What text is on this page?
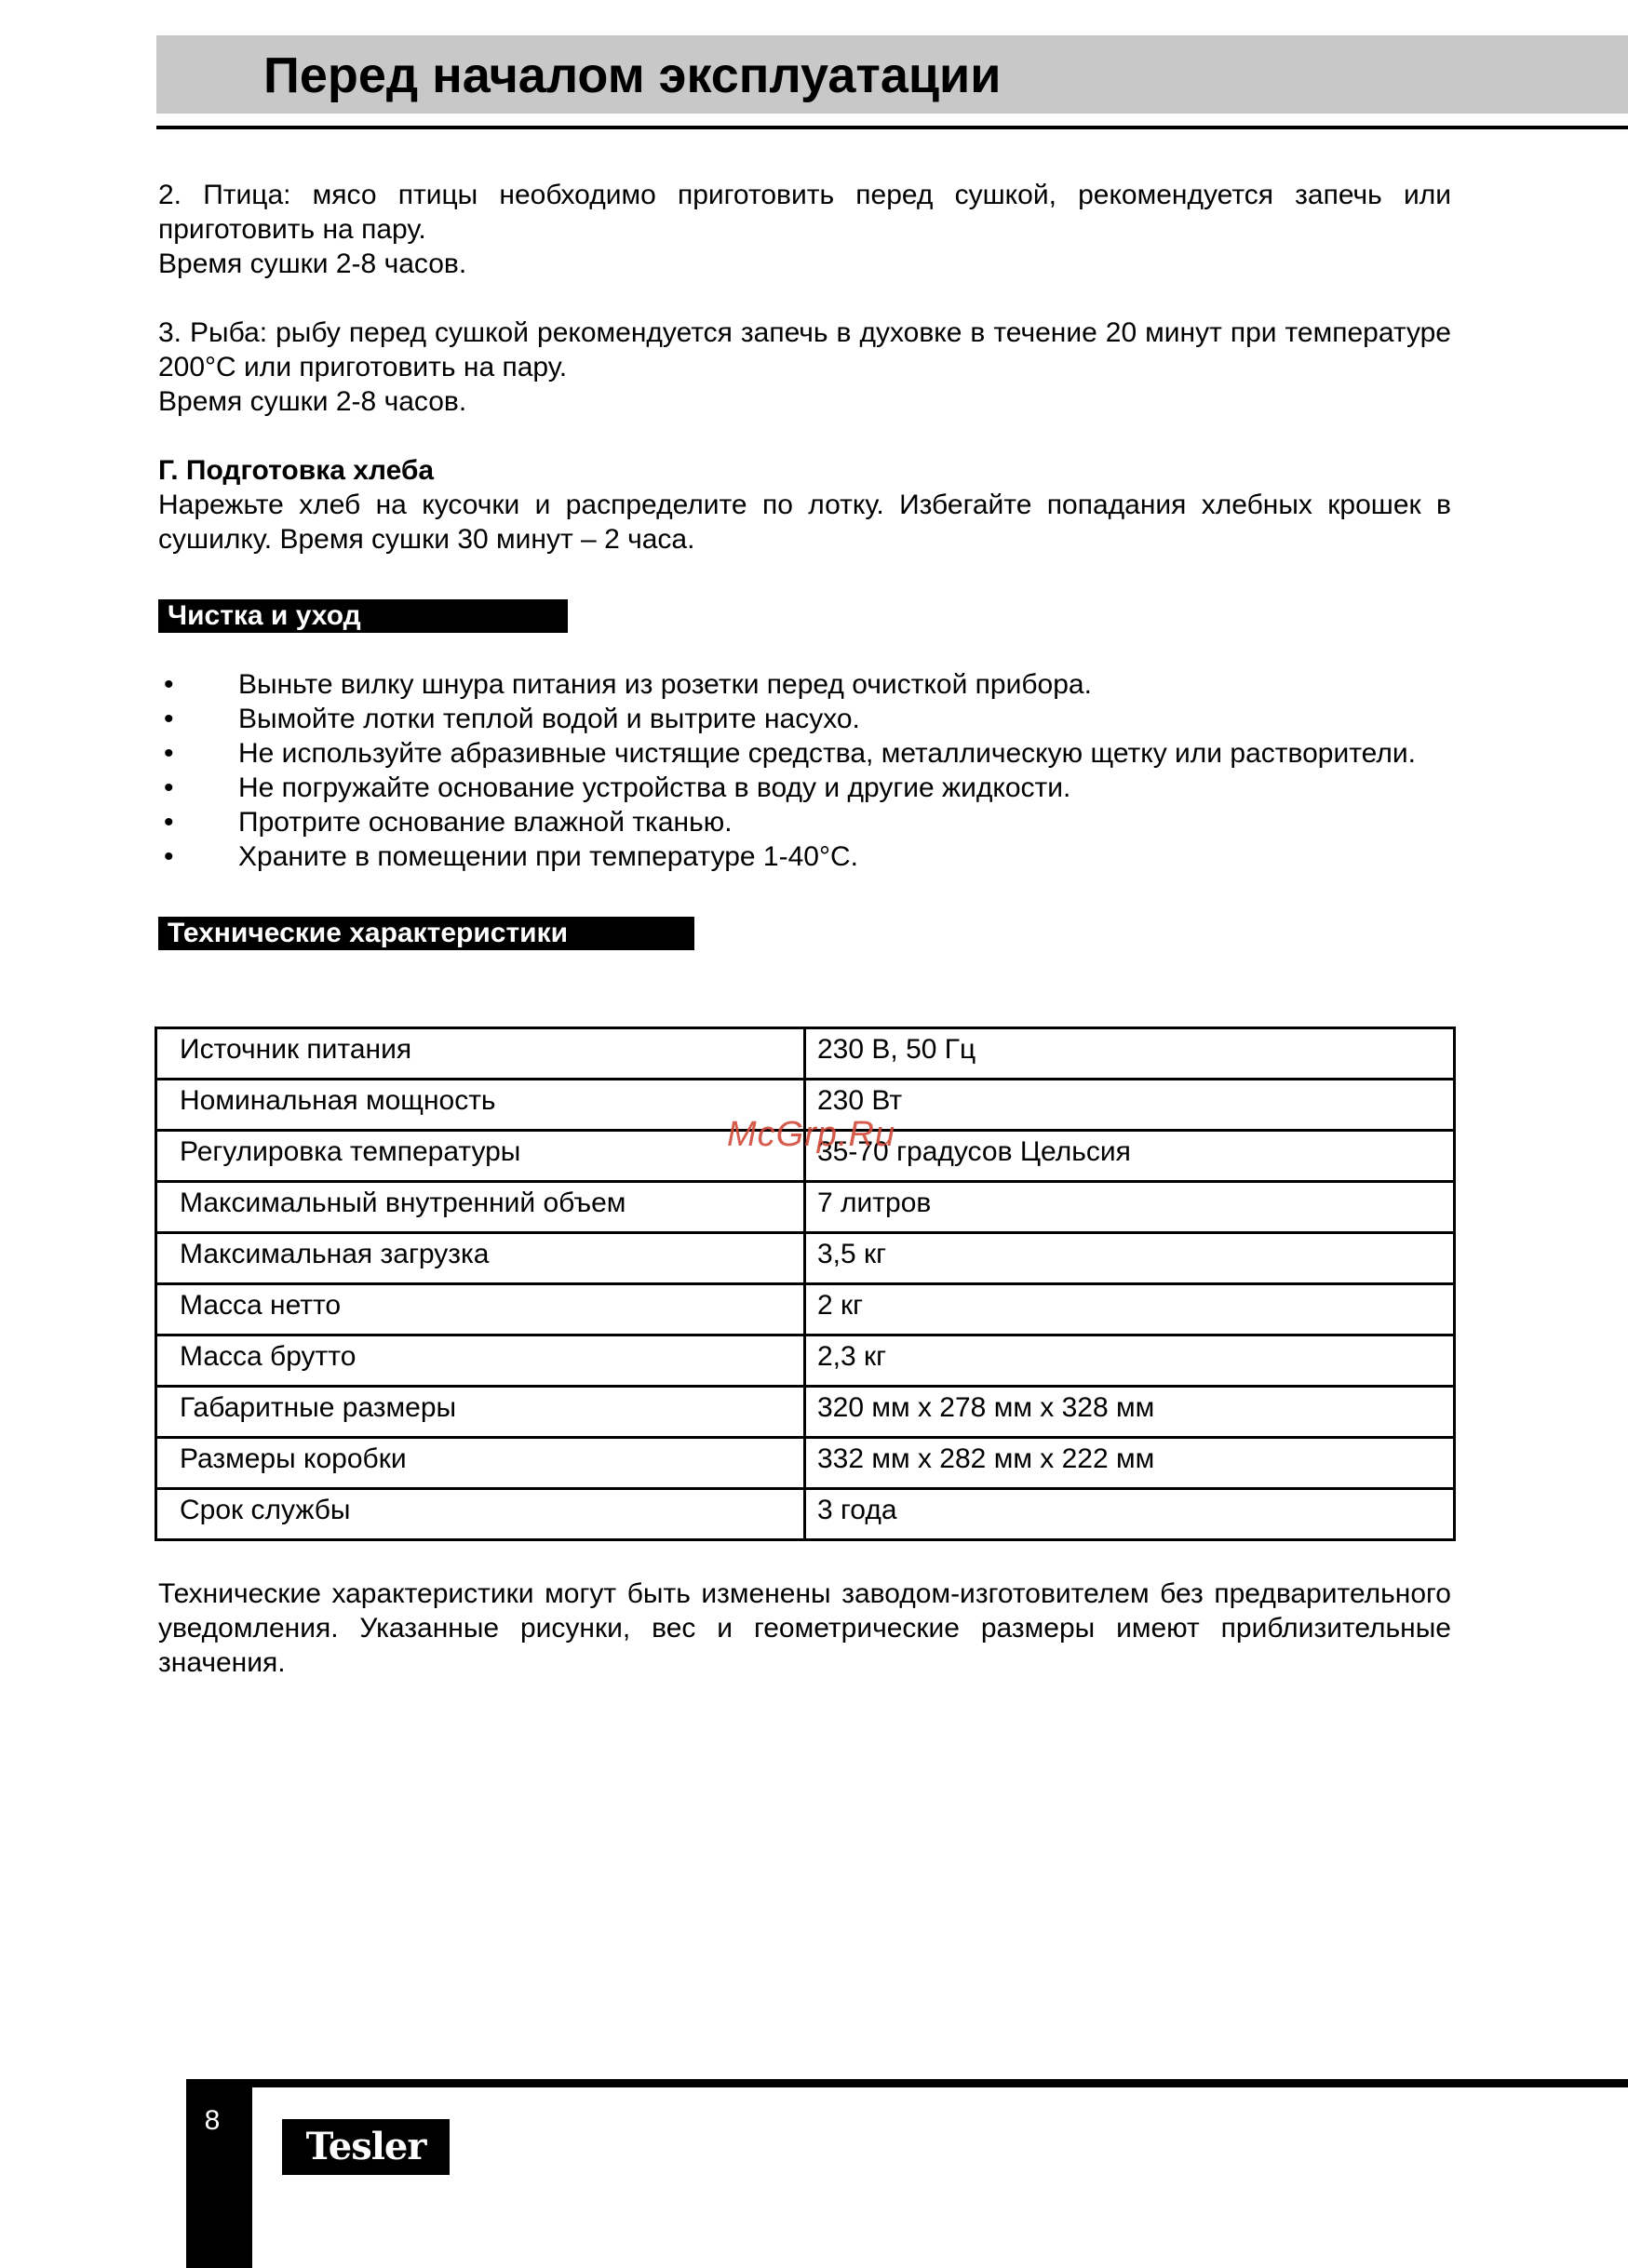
Перед началом эксплуатации

2. Птица: мясо птицы необходимо приготовить перед сушкой, рекомендуется запечь или приготовить на пару.

Время сушки 2-8 часов.

3. Рыба: рыбу перед сушкой рекомендуется запечь в духовке в течение 20 минут при температуре 200°С или приготовить на пару.

Время сушки 2-8 часов.

Г. Подготовка хлеба

Нарежьте хлеб на кусочки и распределите по лотку. Избегайте попадания хлебных крошек в сушилку. Время сушки 30 минут – 2 часа.

Чистка и уход
• Выньте вилку шнура питания из розетки перед очисткой прибора.
• Вымойте лотки теплой водой и вытрите насухо.
• Не используйте абразивные чистящие средства, металлическую щетку или растворители.
• Не погружайте основание устройства в воду и другие жидкости.
• Протрите основание влажной тканью.
• Храните в помещении при температуре 1-40°С.
Технические характеристики
Источник питания	230 В, 50 Гц
Номинальная мощность	230 Вт
Регулировка температуры	35-70 градусов Цельсия
Максимальный внутренний объем	7 литров
Максимальная загрузка	3,5 кг
Масса нетто	2 кг
Масса брутто	2,3 кг
Габаритные размеры	320 мм х 278 мм х 328 мм
Размеры коробки	332 мм х 282 мм х 222 мм
Срок службы	3 года

Технические характеристики могут быть изменены заводом-изготовителем без предварительного уведомления. Указанные рисунки, вес и геометрические размеры имеют приблизительные значения.

McGrp.Ru
8
Tesler
